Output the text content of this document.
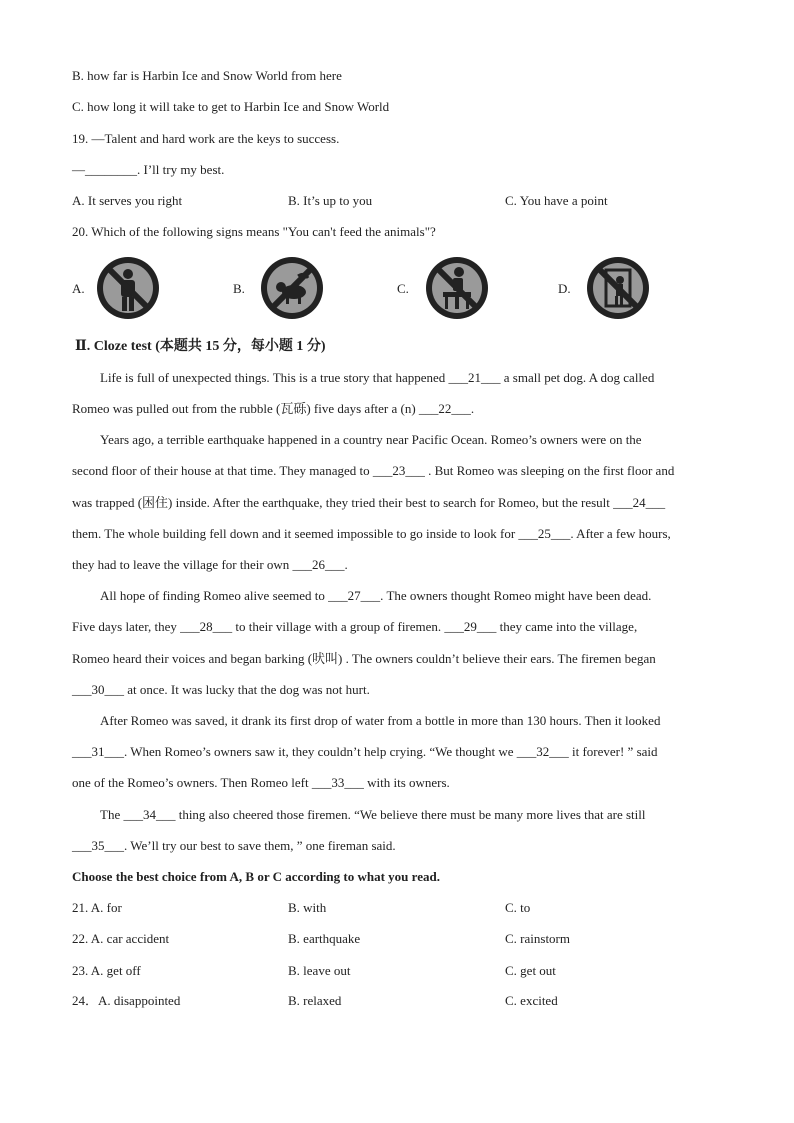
B. how far is Harbin Ice and Snow World from here
C. how long it will take to get to Harbin Ice and Snow World
19. —Talent and hard work are the keys to success.
—________. I’ll try my best.
A. It serves you right	B. It’s up to you	C. You have a point
20. Which of the following signs means "You can't feed the animals"?
A.	B.	C.	D.
Ⅱ. Cloze test (本题共 15 分，每小题 1 分)
Life is full of unexpected things. This is a true story that happened ___21___ a small pet dog. A dog called
Romeo was pulled out from the rubble (瓦砾) five days after a (n) ___22___.
Years ago, a terrible earthquake happened in a country near Pacific Ocean. Romeo’s owners were on the
second floor of their house at that time. They managed to ___23___ . But Romeo was sleeping on the first floor and
was trapped (困住) inside. After the earthquake, they tried their best to search for Romeo, but the result ___24___
them. The whole building fell down and it seemed impossible to go inside to look for ___25___. After a few hours,
they had to leave the village for their own ___26___.
All hope of finding Romeo alive seemed to ___27___. The owners thought Romeo might have been dead.
Five days later, they ___28___ to their village with a group of firemen. ___29___ they came into the village,
Romeo heard their voices and began barking (吠叫) . The owners couldn’t believe their ears. The firemen began
___30___ at once. It was lucky that the dog was not hurt.
After Romeo was saved, it drank its first drop of water from a bottle in more than 130 hours. Then it looked
___31___. When Romeo’s owners saw it, they couldn’t help crying. “We thought we ___32___ it forever! ” said
one of the Romeo’s owners. Then Romeo left ___33___ with its owners.
The ___34___ thing also cheered those firemen. “We believe there must be many more lives that are still
___35___. We’ll try our best to save them, ” one fireman said.
Choose the best choice from A, B or C according to what you read.
21. A. for	B. with	C. to
22. A. car accident	B. earthquake	C. rainstorm
23. A. get off	B. leave out	C. get out
24．A. disappointed	B. relaxed	C. excited
